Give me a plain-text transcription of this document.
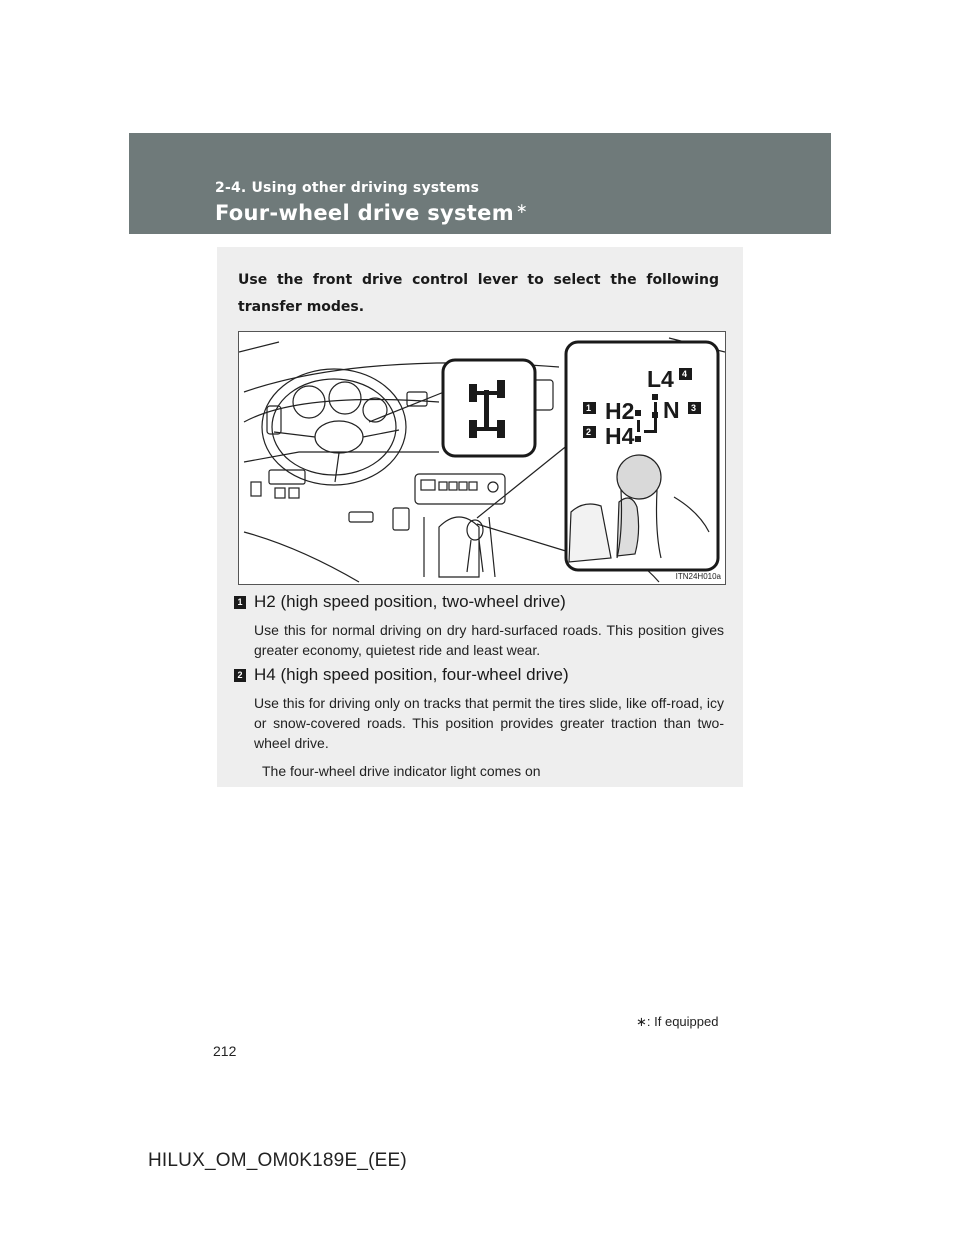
2-4. Using other driving systems
Four-wheel drive system ∗
Use the front drive control lever to select the following transfer modes.
L4
H2 N
H4
4
1	3
2
ITN24H010a
1 H2 (high speed position, two-wheel drive)
Use this for normal driving on dry hard-surfaced roads. This position gives greater economy, quietest ride and least wear.
2 H4 (high speed position, four-wheel drive)
Use this for driving only on tracks that permit the tires slide, like off-road, icy or snow-covered roads. This position provides greater traction than two-wheel drive.
The four-wheel drive indicator light comes on
∗: If equipped
212
HILUX_OM_OM0K189E_(EE)
